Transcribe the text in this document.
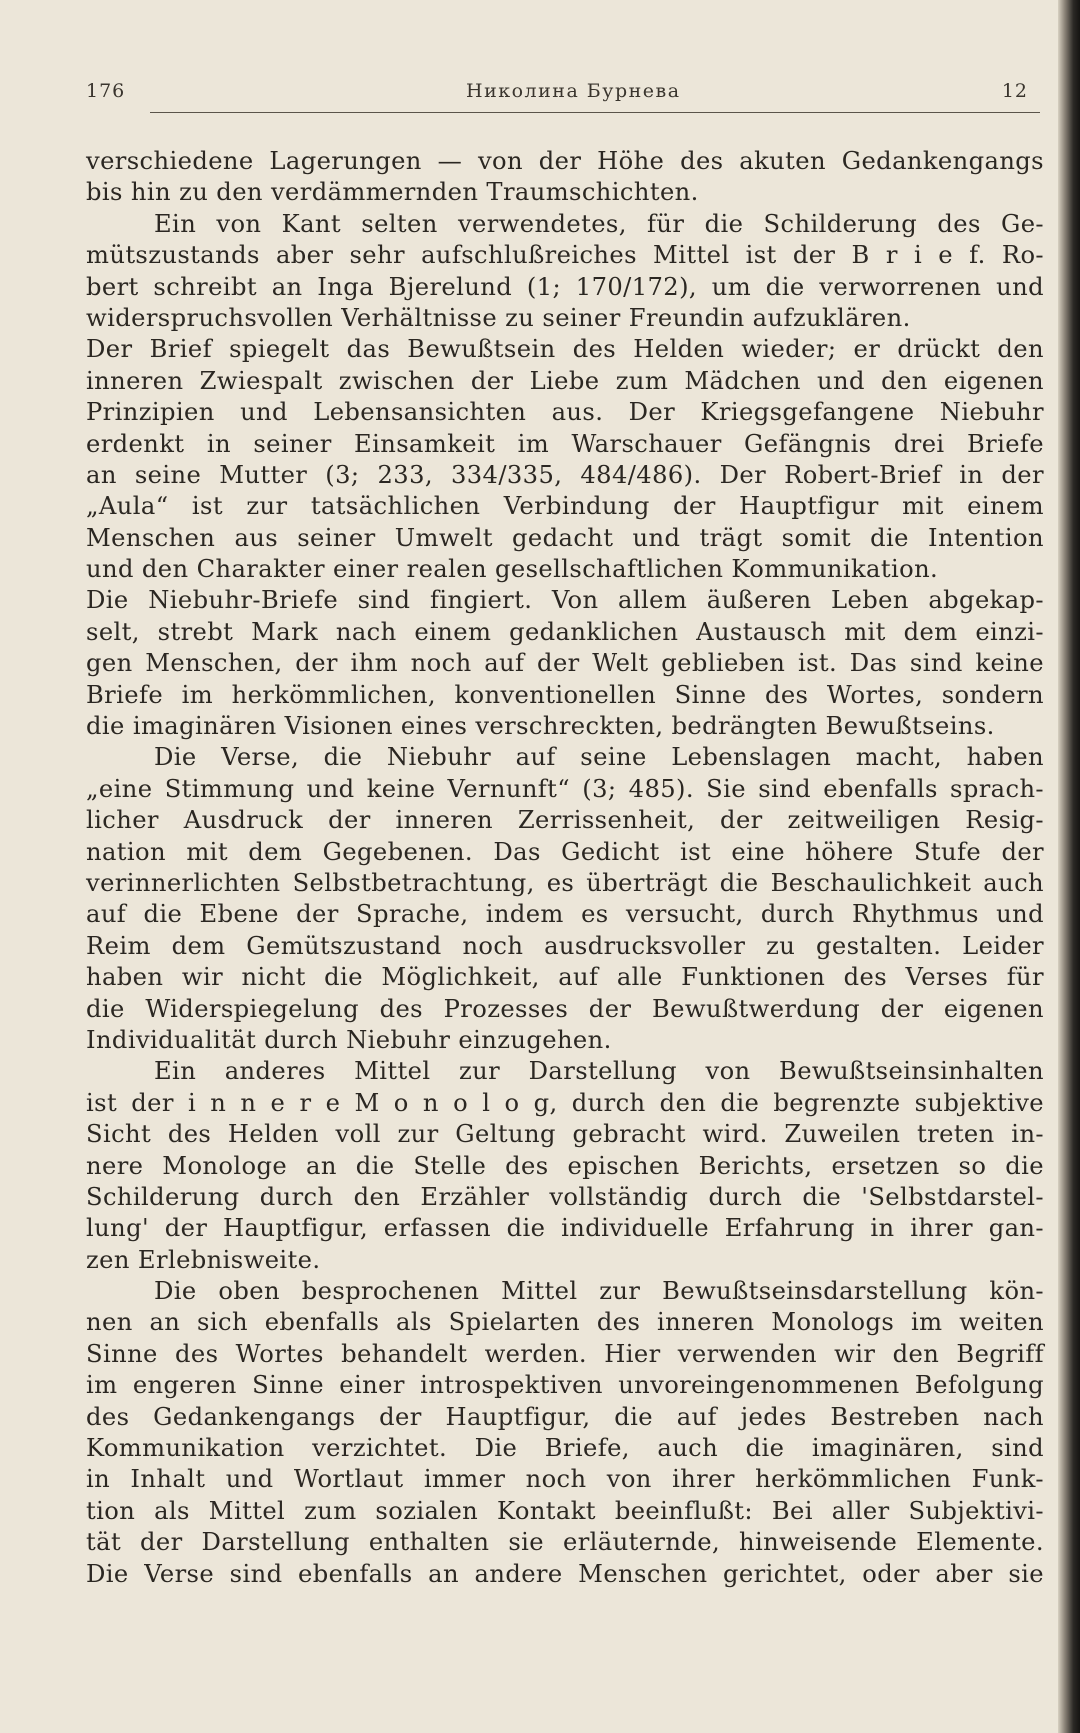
176	Николина Бурнева	12
verschiedene Lagerungen — von der Höhe des akuten Gedankengangs
bis hin zu den verdämmernden Traumschichten.
Ein von Kant selten verwendetes, für die Schilderung des Ge-
mütszustands aber sehr aufschlußreiches Mittel ist der B r i e f. Ro-
bert schreibt an Inga Bjerelund (1; 170/172), um die verworrenen und
widerspruchsvollen Verhältnisse zu seiner Freundin aufzuklären.
Der Brief spiegelt das Bewußtsein des Helden wieder; er drückt den
inneren Zwiespalt zwischen der Liebe zum Mädchen und den eigenen
Prinzipien und Lebensansichten aus. Der Kriegsgefangene Niebuhr
erdenkt in seiner Einsamkeit im Warschauer Gefängnis drei Briefe
an seine Mutter (3; 233, 334/335, 484/486). Der Robert-Brief in der
„Aula“ ist zur tatsächlichen Verbindung der Hauptfigur mit einem
Menschen aus seiner Umwelt gedacht und trägt somit die Intention
und den Charakter einer realen gesellschaftlichen Kommunikation.
Die Niebuhr-Briefe sind fingiert. Von allem äußeren Leben abgekap-
selt, strebt Mark nach einem gedanklichen Austausch mit dem einzi-
gen Menschen, der ihm noch auf der Welt geblieben ist. Das sind keine
Briefe im herkömmlichen, konventionellen Sinne des Wortes, sondern
die imaginären Visionen eines verschreckten, bedrängten Bewußtseins.
Die Verse, die Niebuhr auf seine Lebenslagen macht, haben
„eine Stimmung und keine Vernunft“ (3; 485). Sie sind ebenfalls sprach-
licher Ausdruck der inneren Zerrissenheit, der zeitweiligen Resig-
nation mit dem Gegebenen. Das Gedicht ist eine höhere Stufe der
verinnerlichten Selbstbetrachtung, es überträgt die Beschaulichkeit auch
auf die Ebene der Sprache, indem es versucht, durch Rhythmus und
Reim dem Gemütszustand noch ausdrucksvoller zu gestalten. Leider
haben wir nicht die Möglichkeit, auf alle Funktionen des Verses für
die Widerspiegelung des Prozesses der Bewußtwerdung der eigenen
Individualität durch Niebuhr einzugehen.
Ein anderes Mittel zur Darstellung von Bewußtseinsinhalten
ist der i n n e r e M o n o l o g, durch den die begrenzte subjektive
Sicht des Helden voll zur Geltung gebracht wird. Zuweilen treten in-
nere Monologe an die Stelle des epischen Berichts, ersetzen so die
Schilderung durch den Erzähler vollständig durch die 'Selbstdarstel-
lung' der Hauptfigur, erfassen die individuelle Erfahrung in ihrer gan-
zen Erlebnisweite.
Die oben besprochenen Mittel zur Bewußtseinsdarstellung kön-
nen an sich ebenfalls als Spielarten des inneren Monologs im weiten
Sinne des Wortes behandelt werden. Hier verwenden wir den Begriff
im engeren Sinne einer introspektiven unvoreingenommenen Befolgung
des Gedankengangs der Hauptfigur, die auf jedes Bestreben nach
Kommunikation verzichtet. Die Briefe, auch die imaginären, sind
in Inhalt und Wortlaut immer noch von ihrer herkömmlichen Funk-
tion als Mittel zum sozialen Kontakt beeinflußt: Bei aller Subjektivi-
tät der Darstellung enthalten sie erläuternde, hinweisende Elemente.
Die Verse sind ebenfalls an andere Menschen gerichtet, oder aber sie
